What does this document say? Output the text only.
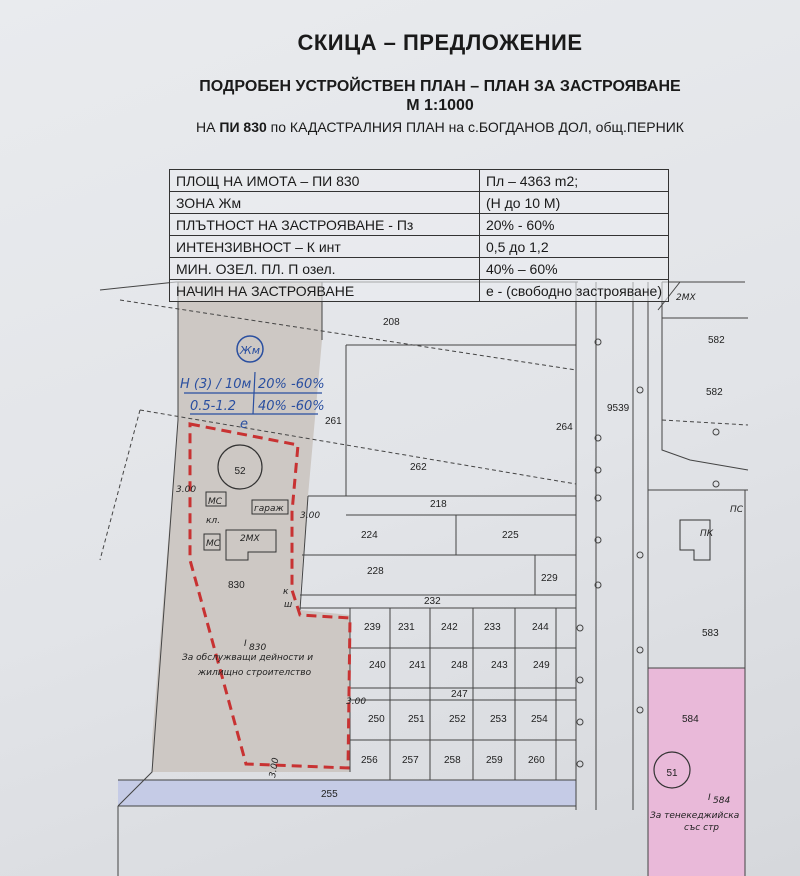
СКИЦА – ПРЕДЛОЖЕНИЕ
ПОДРОБЕН УСТРОЙСТВЕН ПЛАН – ПЛАН ЗА ЗАСТРОЯВАНЕ
М 1:1000
НА ПИ 830 по КАДАСТРАЛНИЯ ПЛАН на с.БОГДАНОВ ДОЛ, общ.ПЕРНИК
52
51
Жм
Н (3) / 10м 20% -60%
0.5-1.2 40% -60%
е
МС
гараж
кл.
2МХ
МС
3.00
3.00
3.00
3.00
830
к
ш
I 830
За обслужващи дейности и
жилищно строителство
2МХ
ПК
ПС
I 584
За тенекеджийска
със стр
208
261
262
264
218
224	225
228
229
232
239 231	242	233	244
240 241	248 243	249
247
250 251 252 253 254
256 257	258	259	260
255
582
582
583
584
9539
ПЛОЩ НА ИМОТА – ПИ 830	Пл – 4363 m2;
ЗОНА Жм	(Н до 10 М)
ПЛЪТНОСТ НА ЗАСТРОЯВАНЕ - Пз	20% - 60%
ИНТЕНЗИВНОСТ – К инт	0,5 до 1,2
МИН. ОЗЕЛ. ПЛ. П озел.	40% – 60%
НАЧИН НА ЗАСТРОЯВАНЕ	е - (свободно застрояване)
